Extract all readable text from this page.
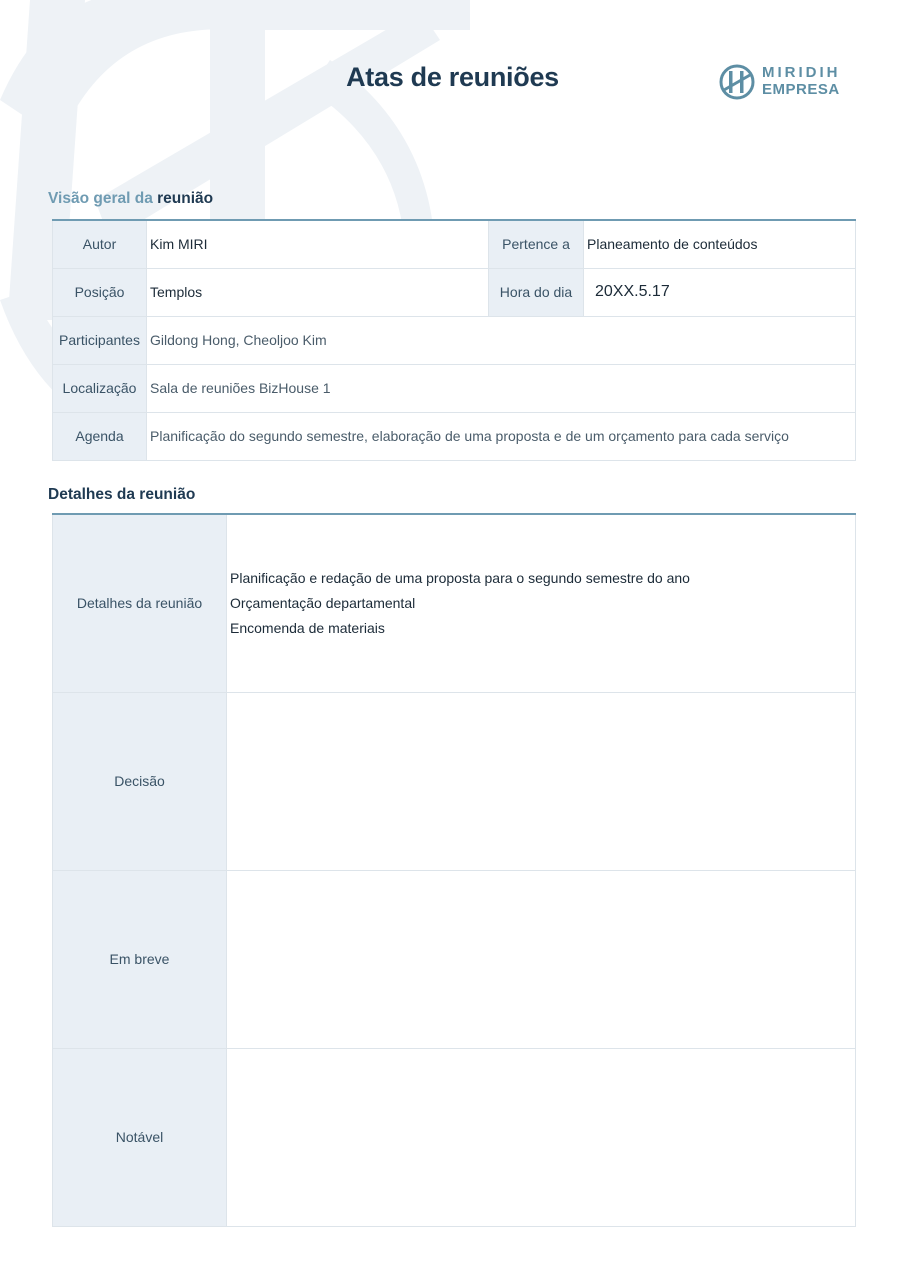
Atas de reuniões	MIRIDIH
EMPRESA
Visão geral da reunião
Autor	Kim MIRI	Pertence a	Planeamento de conteúdos
Posição	Templos	Hora do dia	20XX.5.17
Participantes	Gildong Hong, Cheoljoo Kim		
Localização	Sala de reuniões BizHouse 1		
Agenda	Planificação do segundo semestre, elaboração de uma proposta e de um orçamento para cada serviço		
Detalhes da reunião
Detalhes da reunião	Planificação e redação de uma proposta para o segundo semestre do ano
Orçamentação departamental
Encomenda de materiais

Decisão	
Em breve	
Notável	
